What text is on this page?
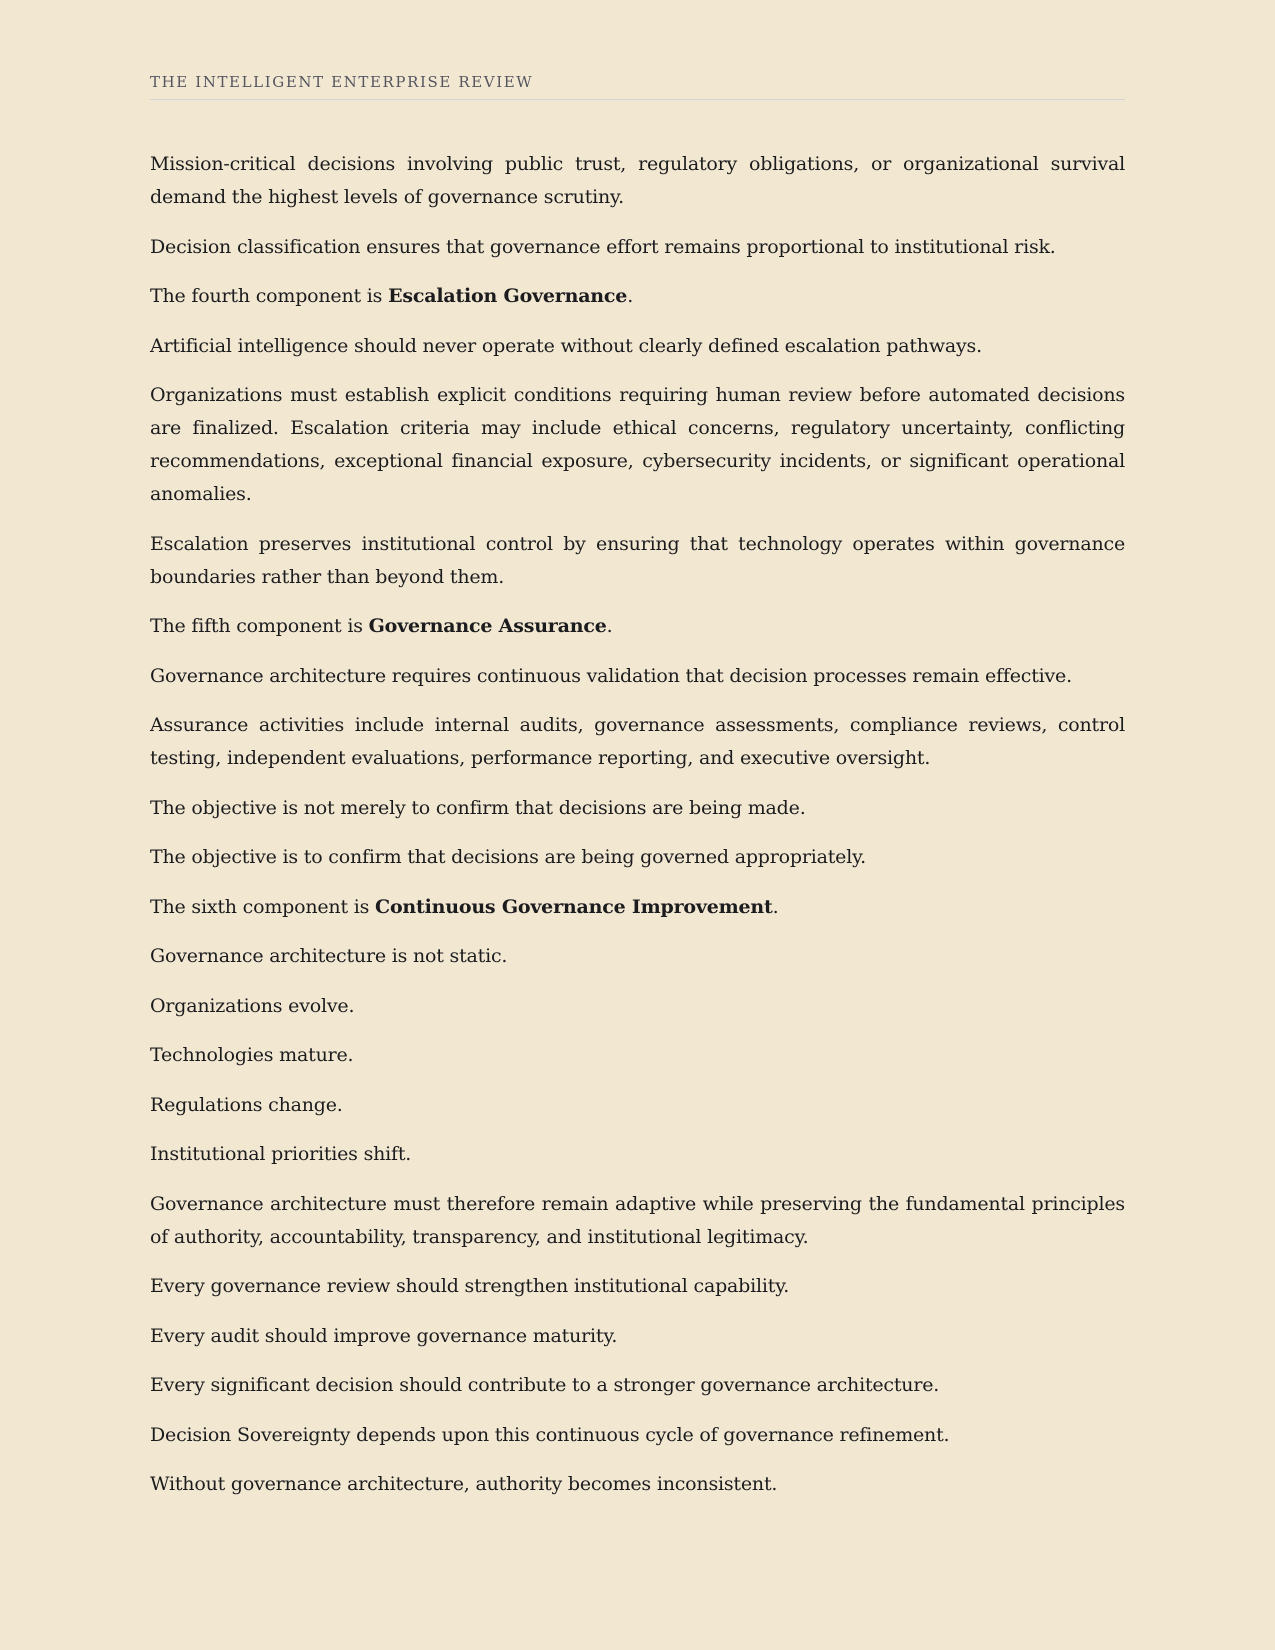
THE INTELLIGENT ENTERPRISE REVIEW

Mission-critical decisions involving public trust, regulatory obligations, or organizational survival demand the highest levels of governance scrutiny.

Decision classification ensures that governance effort remains proportional to institutional risk.

The fourth component is Escalation Governance.

Artificial intelligence should never operate without clearly defined escalation pathways.

Organizations must establish explicit conditions requiring human review before automated decisions are finalized. Escalation criteria may include ethical concerns, regulatory uncertainty, conflicting recommendations, exceptional financial exposure, cybersecurity incidents, or significant operational anomalies.

Escalation preserves institutional control by ensuring that technology operates within governance boundaries rather than beyond them.

The fifth component is Governance Assurance.

Governance architecture requires continuous validation that decision processes remain effective.

Assurance activities include internal audits, governance assessments, compliance reviews, control testing, independent evaluations, performance reporting, and executive oversight.

The objective is not merely to confirm that decisions are being made.

The objective is to confirm that decisions are being governed appropriately.

The sixth component is Continuous Governance Improvement.

Governance architecture is not static.

Organizations evolve.

Technologies mature.

Regulations change.

Institutional priorities shift.

Governance architecture must therefore remain adaptive while preserving the fundamental principles of authority, accountability, transparency, and institutional legitimacy.

Every governance review should strengthen institutional capability.

Every audit should improve governance maturity.

Every significant decision should contribute to a stronger governance architecture.

Decision Sovereignty depends upon this continuous cycle of governance refinement.

Without governance architecture, authority becomes inconsistent.
